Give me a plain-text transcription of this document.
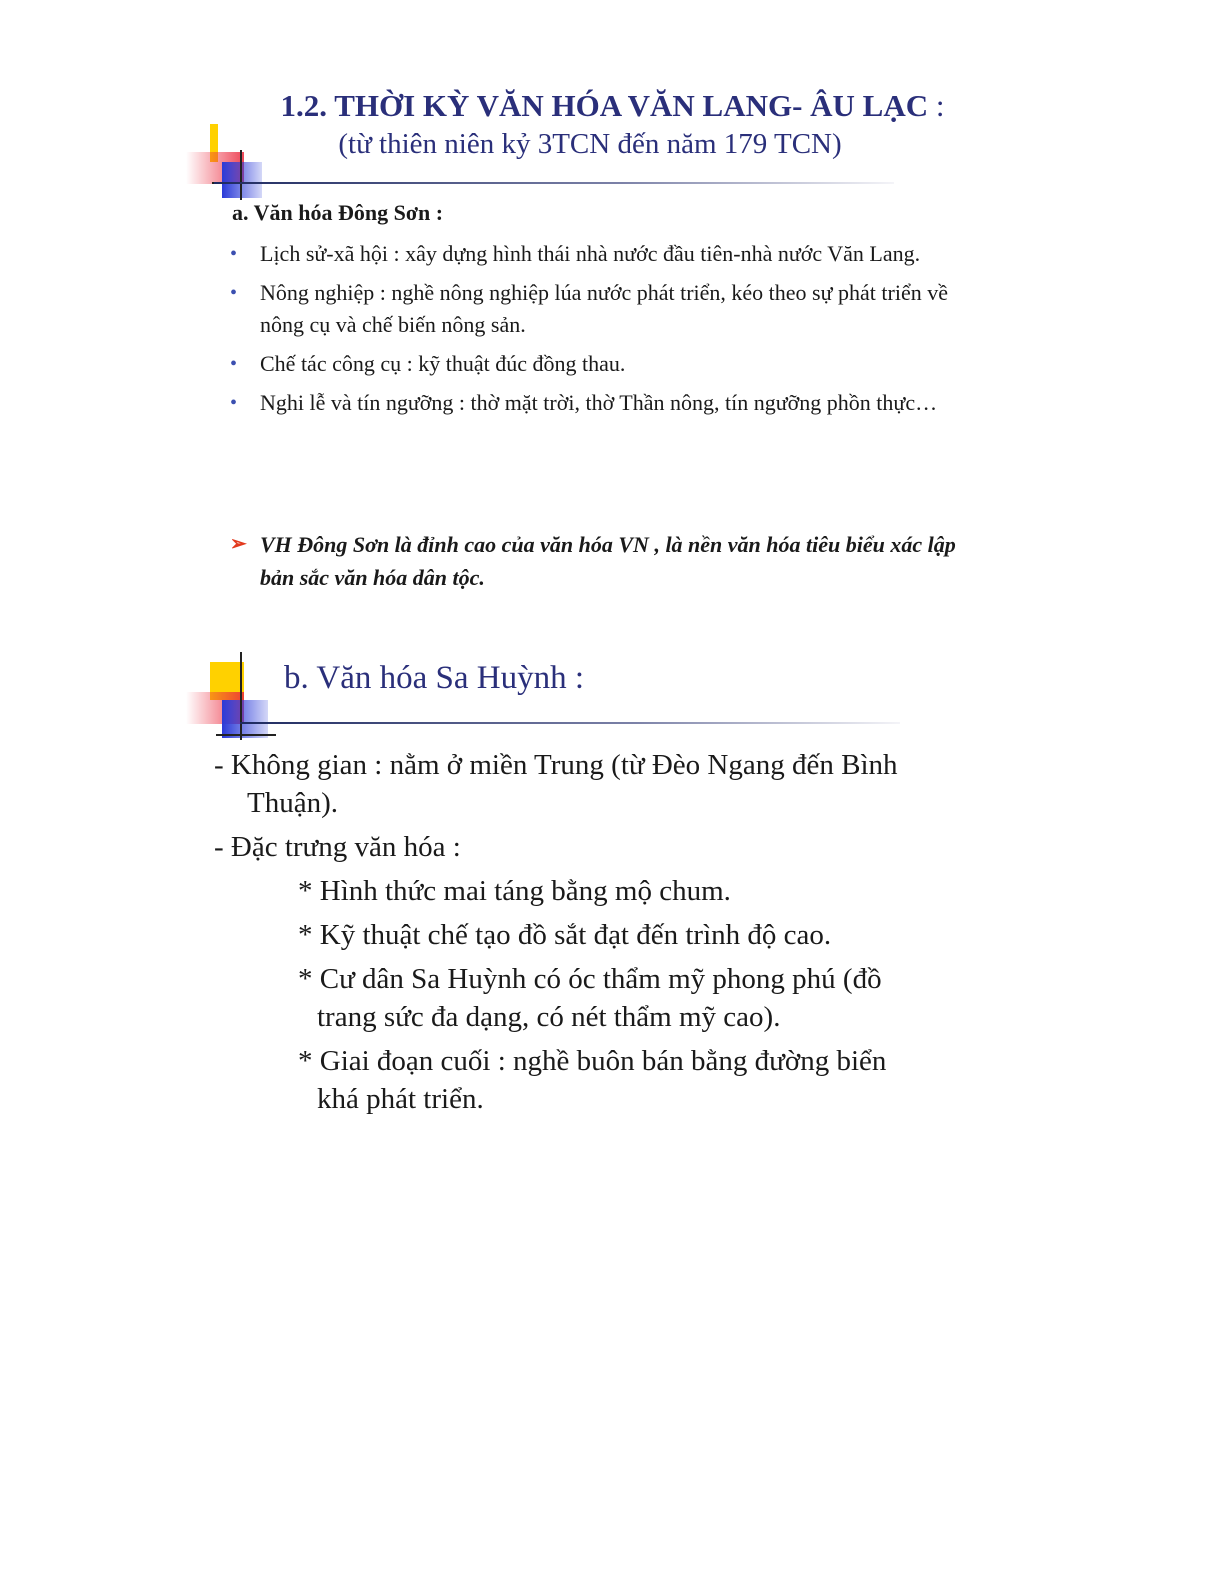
1.2. THỜI KỲ VĂN HÓA VĂN LANG- ÂU LẠC :
(từ thiên niên kỷ 3TCN đến năm 179 TCN)
a. Văn hóa Đông Sơn :
• Lịch sử-xã hội : xây dựng hình thái nhà nước đầu tiên-nhà nước Văn Lang.
• Nông nghiệp : nghề nông nghiệp lúa nước phát triển, kéo theo sự phát triển về nông cụ và chế biến nông sản.
• Chế tác công cụ : kỹ thuật đúc đồng thau.
• Nghi lễ và tín ngưỡng : thờ mặt trời, thờ Thần nông, tín ngưỡng phồn thực…
➢ VH Đông Sơn là đỉnh cao của văn hóa VN , là nền văn hóa tiêu biểu xác lập bản sắc văn hóa dân tộc.
b. Văn hóa Sa Huỳnh :
- Không gian : nằm ở miền Trung (từ Đèo Ngang đến Bình
Thuận).
- Đặc trưng văn hóa :
* Hình thức mai táng bằng mộ chum.
* Kỹ thuật chế tạo đồ sắt đạt đến trình độ cao.
* Cư dân Sa Huỳnh có óc thẩm mỹ phong phú (đồ
trang sức đa dạng, có nét thẩm mỹ cao).
* Giai đoạn cuối : nghề buôn bán bằng đường biển
khá phát triển.
